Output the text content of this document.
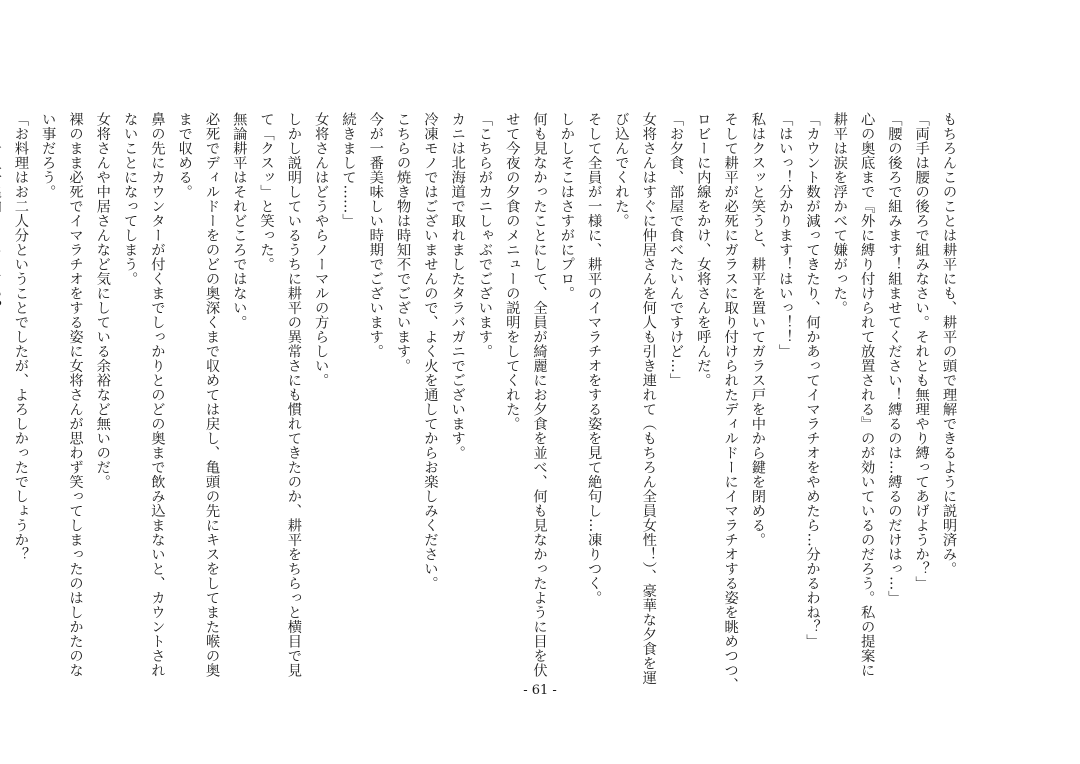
もちろんこのことは耕平にも、耕平の頭で理解できるように説明済み。

「両手は腰の後ろで組みなさい。それとも無理やり縛ってあげようか？」

「腰の後ろで組みます！組ませてください！縛るのは…縛るのだけはっ…」

心の奥底まで『外に縛り付けられて放置される』のが効いているのだろう。私の提案に

耕平は涙を浮かべて嫌がった。

「カウント数が減ってきたり、何かあってイマラチオをやめたら…分かるわね？」

「はいっ！分かります！はいっ！！」

私はクスッと笑うと、耕平を置いてガラス戸を中から鍵を閉める。

そして耕平が必死にガラスに取り付けられたディルドーにイマラチオする姿を眺めつつ、

ロビーに内線をかけ、女将さんを呼んだ。

「お夕食、部屋で食べたいんですけど…」

女将さんはすぐに仲居さんを何人も引き連れて（もちろん全員女性！）、豪華な夕食を運

び込んでくれた。

そして全員が一様に、耕平のイマラチオをする姿を見て絶句し…凍りつく。

しかしそこはさすがにプロ。

何も見なかったことにして、全員が綺麗にお夕食を並べ、何も見なかったように目を伏

せて今夜の夕食のメニューの説明をしてくれた。

「こちらがカニしゃぶでございます。

カニは北海道で取れましたタラバガニでございます。

冷凍モノではございませんので、よく火を通してからお楽しみください。

こちらの焼き物は時知不でございます。

今が一番美味しい時期でございます。

続きまして……」

女将さんはどうやらノーマルの方らしい。

しかし説明しているうちに耕平の異常さにも慣れてきたのか、耕平をちらっと横目で見

て「クスッ」と笑った。

無論耕平はそれどころではない。

必死でディルドーをのどの奥深くまで収めては戻し、亀頭の先にキスをしてまた喉の奥

まで収める。

鼻の先にカウンターが付くまでしっかりとのどの奥まで飲み込まないと、カウントされ

ないことになってしまう。

女将さんや中居さんなど気にしている余裕など無いのだ。

裸のまま必死でイマラチオをする姿に女将さんが思わず笑ってしまったのはしかたのな

い事だろう。

「お料理はお二人分ということでしたが、よろしかったでしょうか？

- 61 -
